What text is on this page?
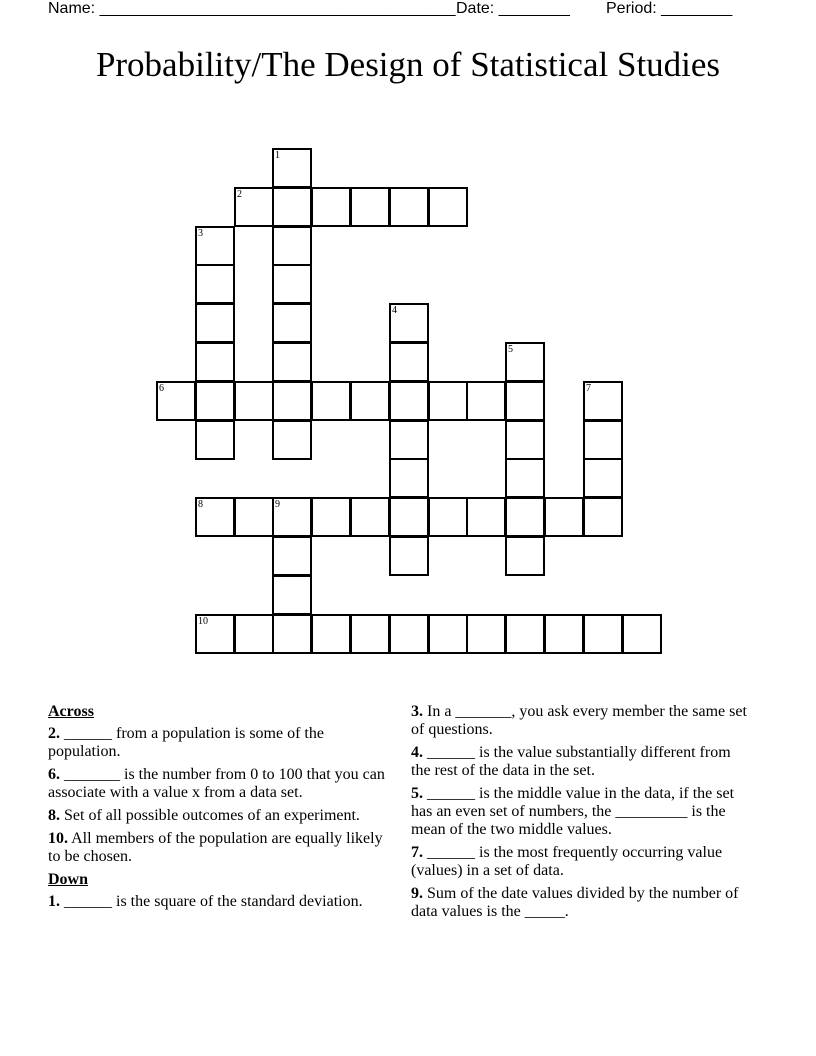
Name: ________________________________________ Date: ________ Period: ________
Probability/The Design of Statistical Studies
1
2
3
4
5
6	7
8	9
10
Across
2. ______ from a population is some of the population.
6. _______ is the number from 0 to 100 that you can associate with a value x from a data set.
8. Set of all possible outcomes of an experiment.
10. All members of the population are equally likely to be chosen.
Down
1. ______ is the square of the standard deviation.
3. In a _______, you ask every member the same set of questions.
4. ______ is the value substantially different from the rest of the data in the set.
5. ______ is the middle value in the data, if the set has an even set of numbers, the _________ is the mean of the two middle values.
7. ______ is the most frequently occurring value (values) in a set of data.
9. Sum of the date values divided by the number of data values is the _____.
